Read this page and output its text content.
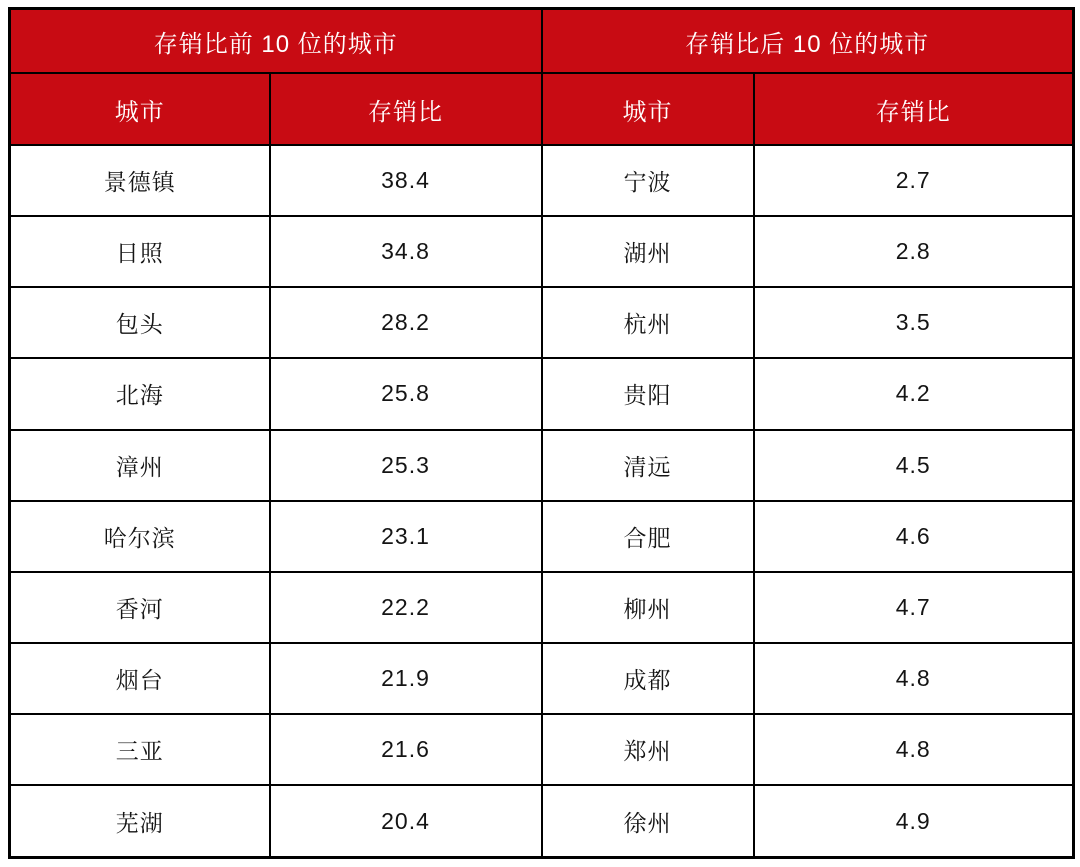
存销比前 10 位的城市		存销比后 10 位的城市	
城市	存销比	城市	存销比
景德镇	38.4	宁波	2.7
日照	34.8	湖州	2.8
包头	28.2	杭州	3.5
北海	25.8	贵阳	4.2
漳州	25.3	清远	4.5
哈尔滨	23.1	合肥	4.6
香河	22.2	柳州	4.7
烟台	21.9	成都	4.8
三亚	21.6	郑州	4.8
芜湖	20.4	徐州	4.9
